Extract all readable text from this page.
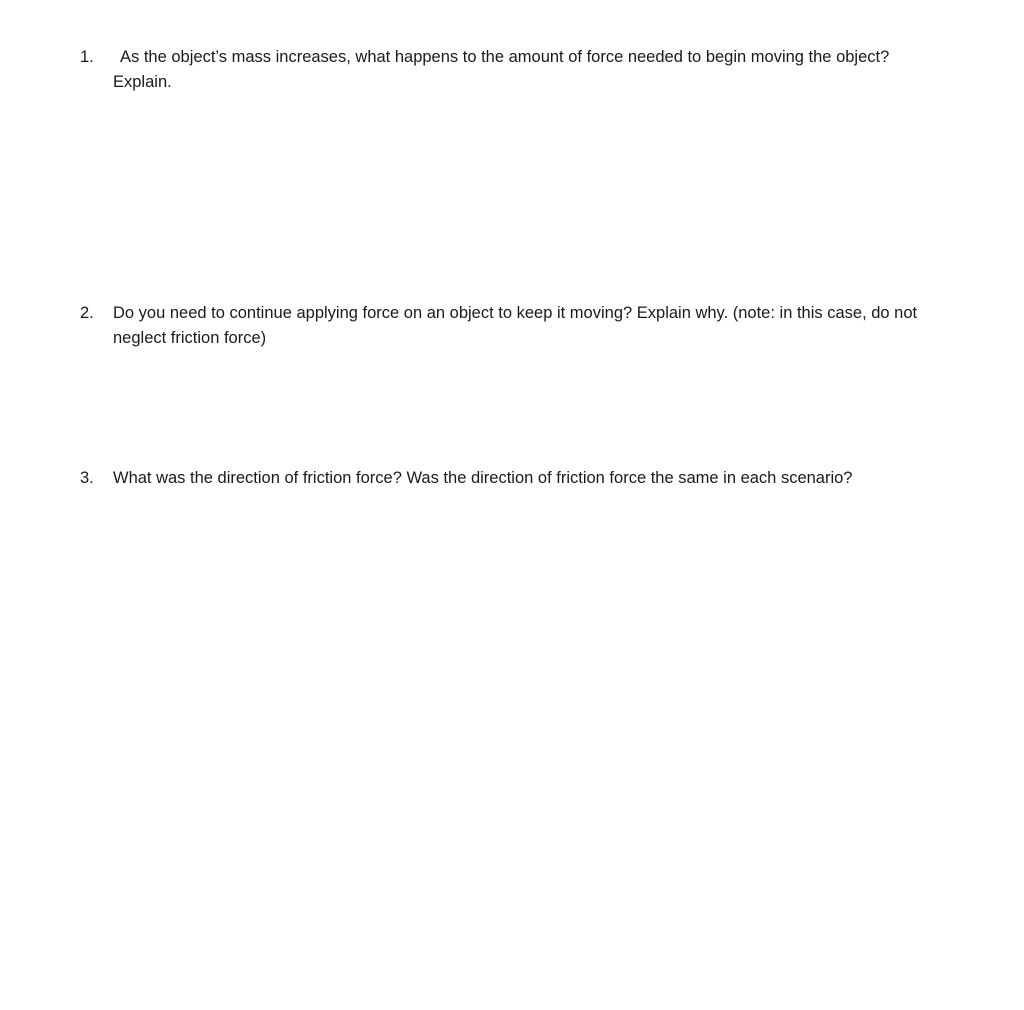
1.	As the object’s mass increases, what happens to the amount of force needed to begin moving the object?
Explain.
2.	Do you need to continue applying force on an object to keep it moving? Explain why. (note: in this case, do not
neglect friction force)
3.	What was the direction of friction force? Was the direction of friction force the same in each scenario?
